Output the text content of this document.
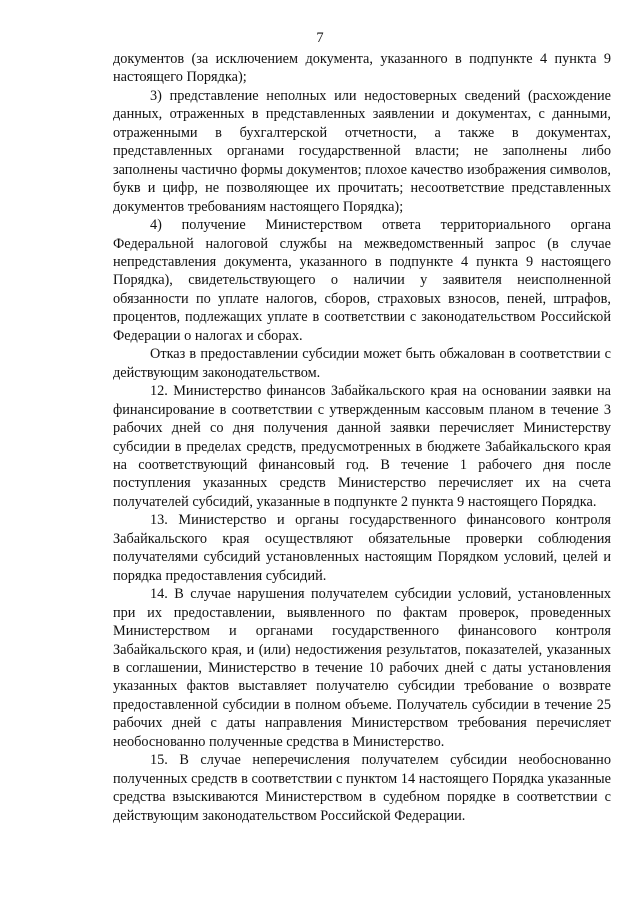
7

документов (за исключением документа, указанного в подпункте 4 пункта 9 настоящего Порядка);

3) представление неполных или недостоверных сведений (расхождение данных, отраженных в представленных заявлении и документах, с данными, отраженными в бухгалтерской отчетности, а также в документах, представленных органами государственной власти; не заполнены либо заполнены частично формы документов; плохое качество изображения символов, букв и цифр, не позволяющее их прочитать; несоответствие представленных документов требованиям настоящего Порядка);

4) получение Министерством ответа территориального органа Федеральной налоговой службы на межведомственный запрос (в случае непредставления документа, указанного в подпункте 4 пункта 9 настоящего Порядка), свидетельствующего о наличии у заявителя неисполненной обязанности по уплате налогов, сборов, страховых взносов, пеней, штрафов, процентов, подлежащих уплате в соответствии с законодательством Российской Федерации о налогах и сборах.

Отказ в предоставлении субсидии может быть обжалован в соответствии с действующим законодательством.

12. Министерство финансов Забайкальского края на основании заявки на финансирование в соответствии с утвержденным кассовым планом в течение 3 рабочих дней со дня получения данной заявки перечисляет Министерству субсидии в пределах средств, предусмотренных в бюджете Забайкальского края на соответствующий финансовый год. В течение 1 рабочего дня после поступления указанных средств Министерство перечисляет их на счета получателей субсидий, указанные в подпункте 2 пункта 9 настоящего Порядка.

13. Министерство и органы государственного финансового контроля Забайкальского края осуществляют обязательные проверки соблюдения получателями субсидий установленных настоящим Порядком условий, целей и порядка предоставления субсидий.

14. В случае нарушения получателем субсидии условий, установленных при их предоставлении, выявленного по фактам проверок, проведенных Министерством и органами государственного финансового контроля Забайкальского края, и (или) недостижения результатов, показателей, указанных в соглашении, Министерство в течение 10 рабочих дней с даты установления указанных фактов выставляет получателю субсидии требование о возврате предоставленной субсидии в полном объеме. Получатель субсидии в течение 25 рабочих дней с даты направления Министерством требования перечисляет необоснованно полученные средства в Министерство.

15. В случае неперечисления получателем субсидии необоснованно полученных средств в соответствии с пунктом 14 настоящего Порядка указанные средства взыскиваются Министерством в судебном порядке в соответствии с действующим законодательством Российской Федерации.
